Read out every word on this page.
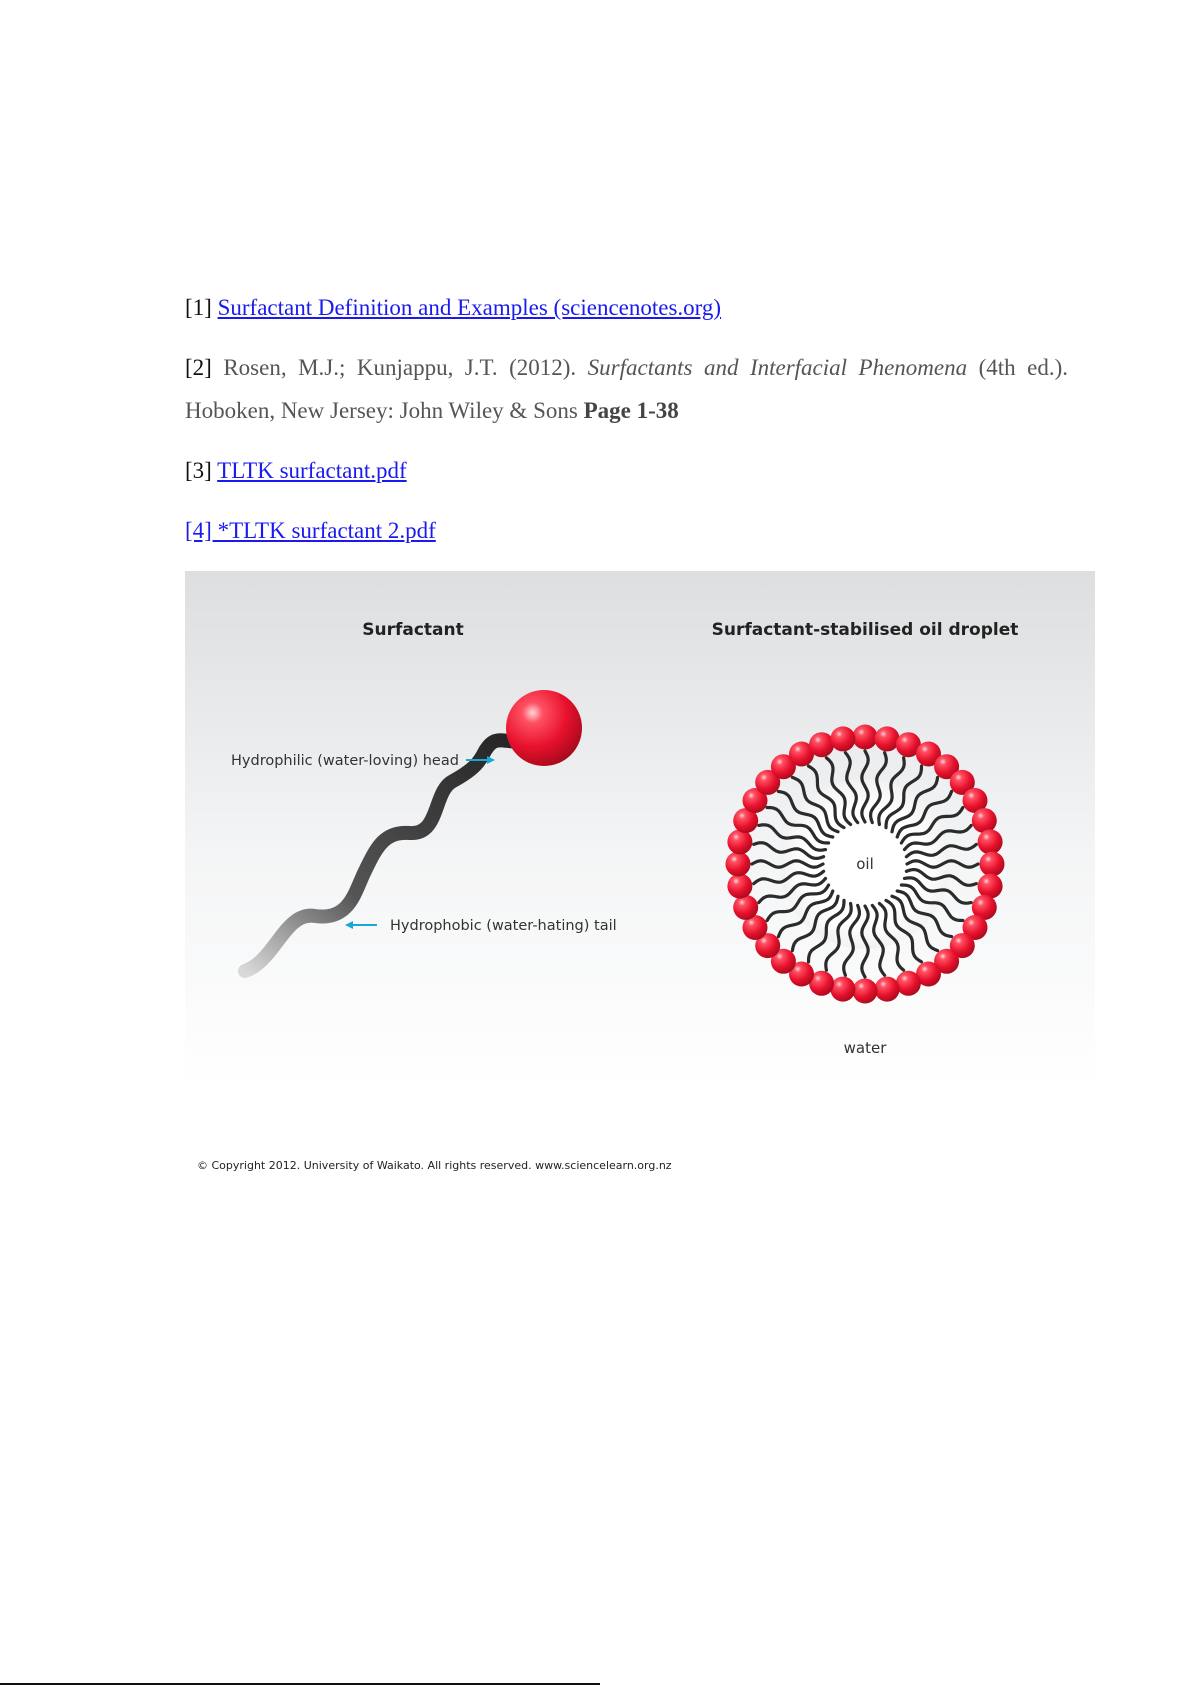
[1] Surfactant Definition and Examples (sciencenotes.org)
[2] Rosen, M.J.; Kunjappu, J.T. (2012). Surfactants and Interfacial Phenomena (4th ed.). Hoboken, New Jersey: John Wiley & Sons Page 1-38
[3] TLTK surfactant.pdf
[4] *TLTK surfactant 2.pdf
Surfactant	Surfactant-stabilised oil droplet
Hydrophilic (water-loving) head
Hydrophobic (water-hating) tail
oil
water
© Copyright 2012. University of Waikato. All rights reserved. www.sciencelearn.org.nz
